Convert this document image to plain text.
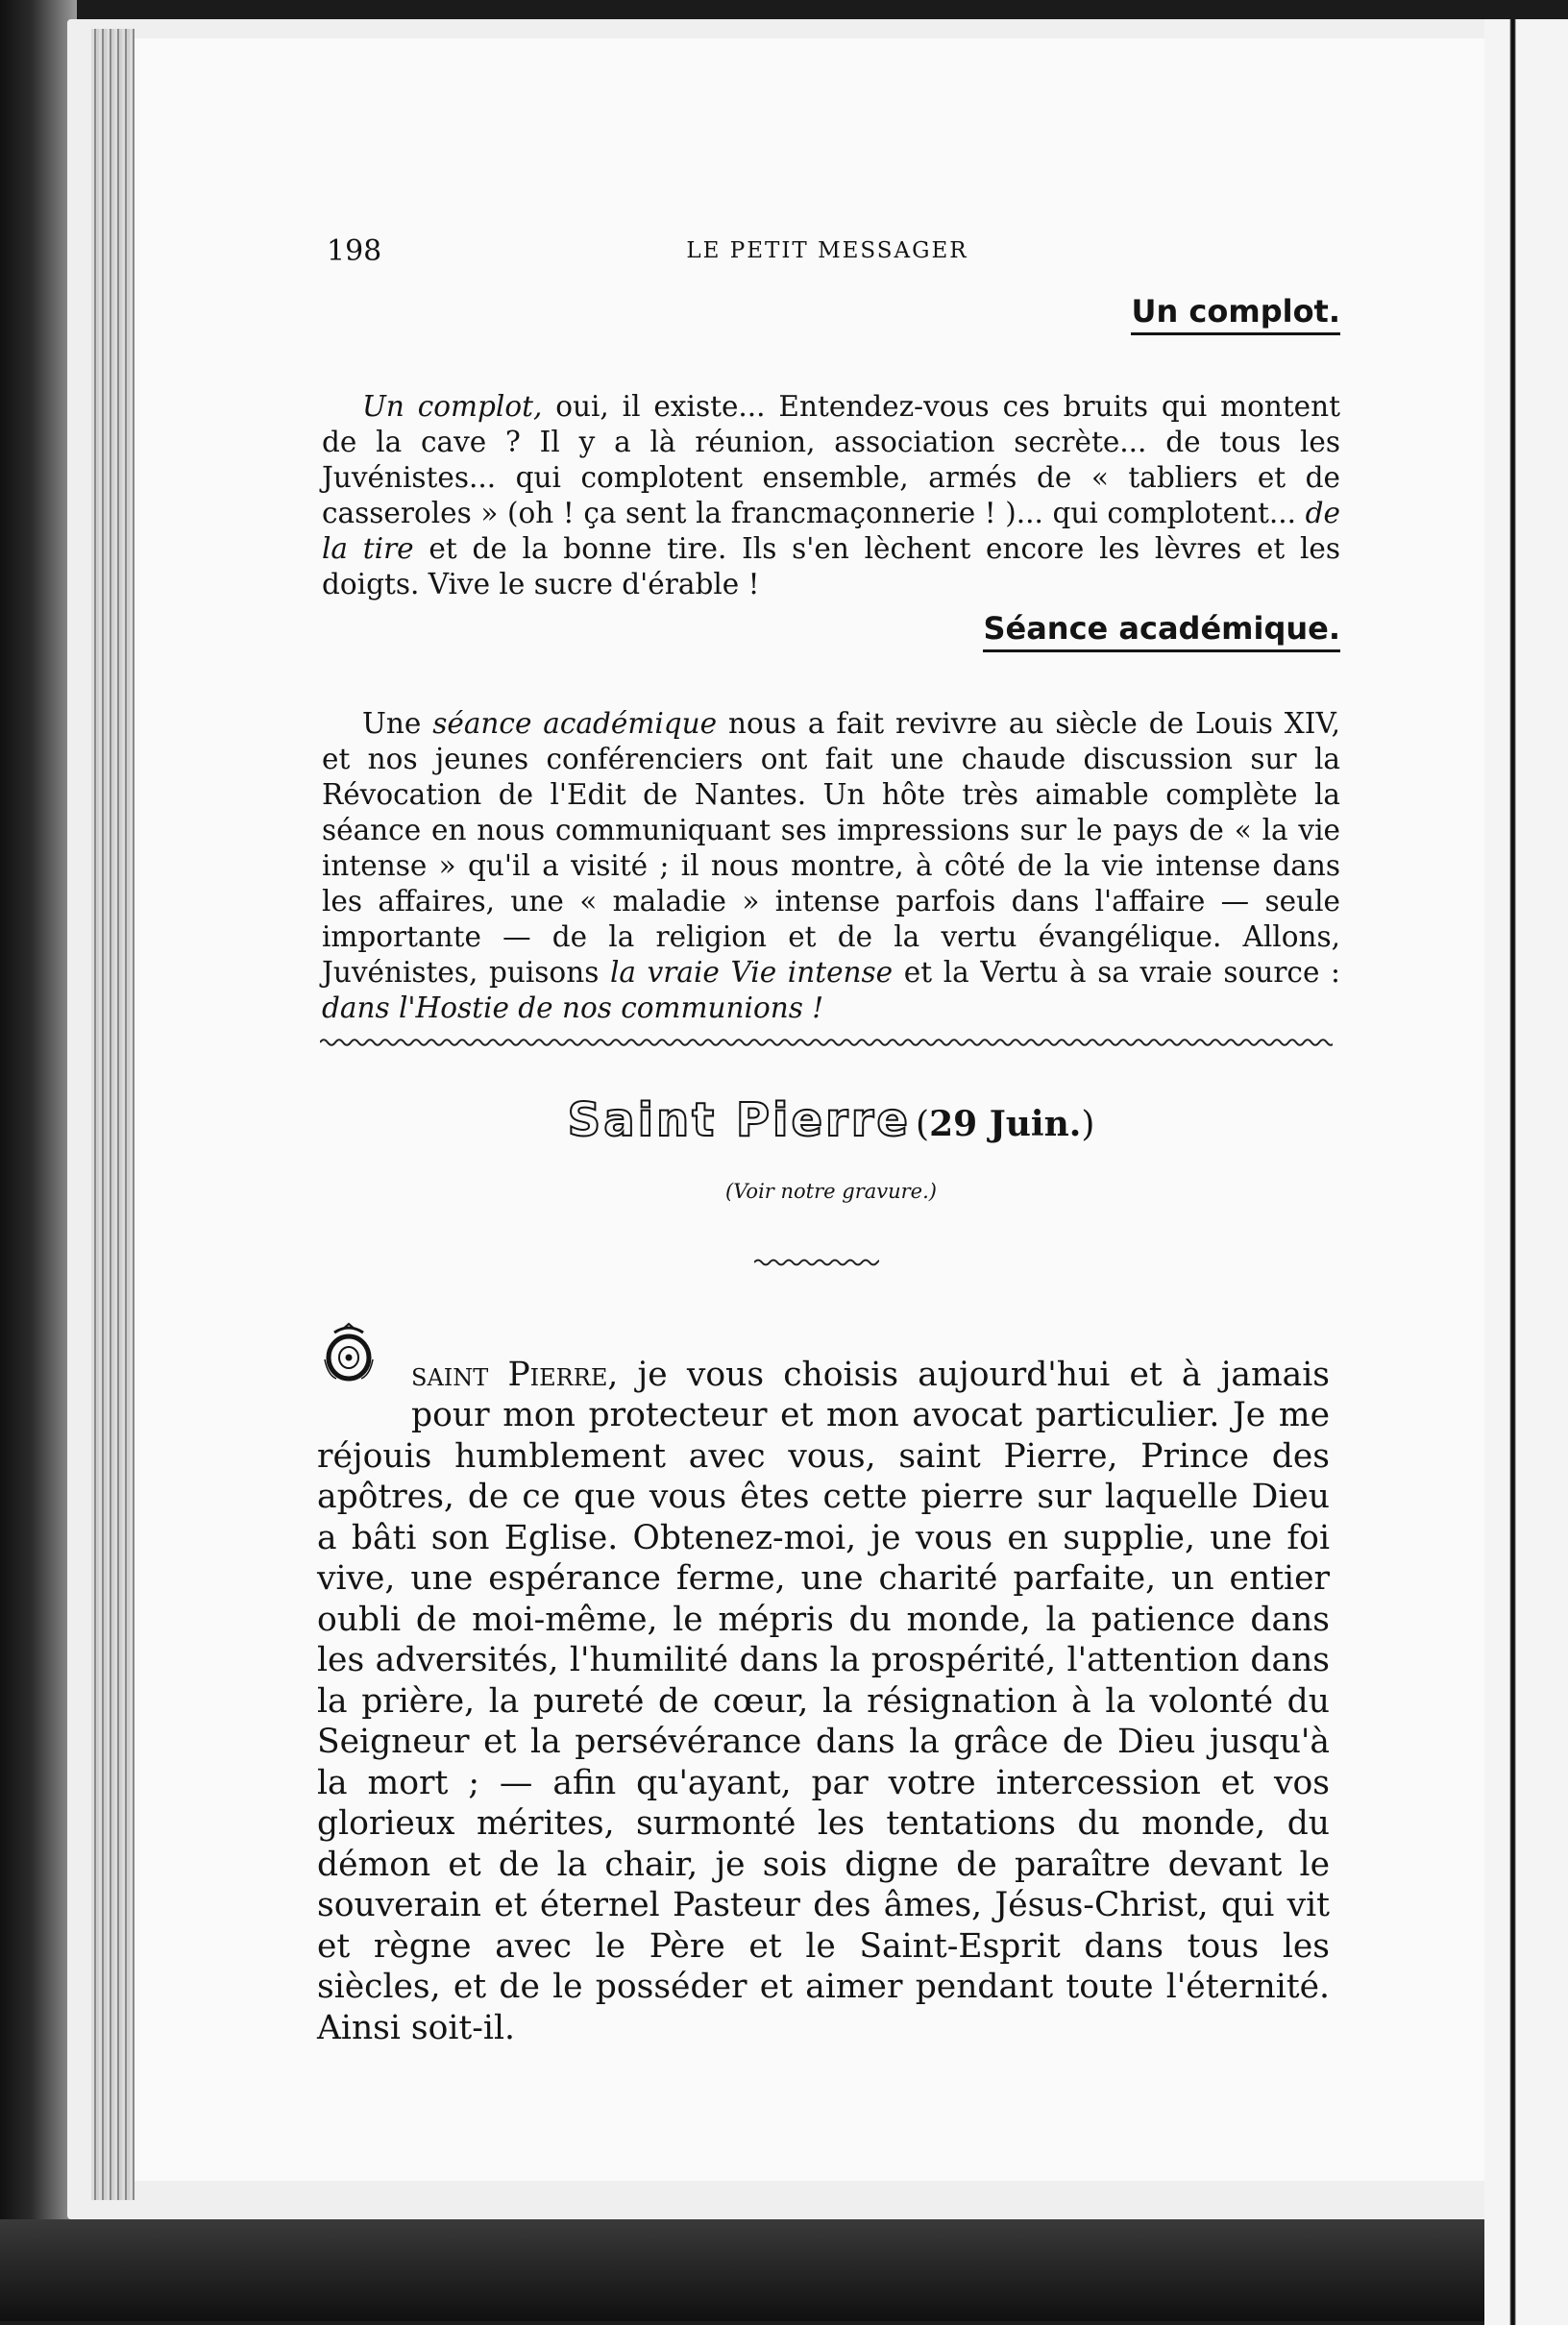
198	LE PETIT MESSAGER
Un complot.

Un complot, oui, il existe... Entendez-vous ces bruits qui montent de la cave ? Il y a là réunion, association secrète... de tous les Juvénistes... qui complotent ensemble, armés de « tabliers et de casseroles » (oh ! ça sent la francmaçonnerie ! )... qui complotent... de la tire et de la bonne tire. Ils s'en lèchent encore les lèvres et les doigts. Vive le sucre d'érable !

Séance académique.

Une séance académique nous a fait revivre au siècle de Louis XIV, et nos jeunes conférenciers ont fait une chaude discussion sur la Révocation de l'Edit de Nantes. Un hôte très aimable complète la séance en nous communiquant ses impressions sur le pays de « la vie intense » qu'il a visité ; il nous montre, à côté de la vie intense dans les affaires, une « maladie » intense parfois dans l'affaire — seule importante — de la religion et de la vertu évangélique. Allons, Juvénistes, puisons la vraie Vie intense et la Vertu à sa vraie source : dans l'Hostie de nos communions !

Saint Pierre (29 Juin.)
(Voir notre gravure.)

saint Pierre, je vous choisis aujourd'hui et à jamais pour mon protecteur et mon avocat particulier. Je me réjouis humblement avec vous, saint Pierre, Prince des apôtres, de ce que vous êtes cette pierre sur laquelle Dieu a bâti son Eglise. Obtenez-moi, je vous en supplie, une foi vive, une espérance ferme, une charité parfaite, un entier oubli de moi-même, le mépris du monde, la patience dans les adversités, l'humilité dans la prospérité, l'attention dans la prière, la pureté de cœur, la résignation à la volonté du Seigneur et la persévérance dans la grâce de Dieu jusqu'à la mort ; — afin qu'ayant, par votre intercession et vos glorieux mérites, surmonté les tentations du monde, du démon et de la chair, je sois digne de paraître devant le souverain et éternel Pasteur des âmes, Jésus-Christ, qui vit et règne avec le Père et le Saint-Esprit dans tous les siècles, et de le posséder et aimer pendant toute l'éternité. Ainsi soit-il.
